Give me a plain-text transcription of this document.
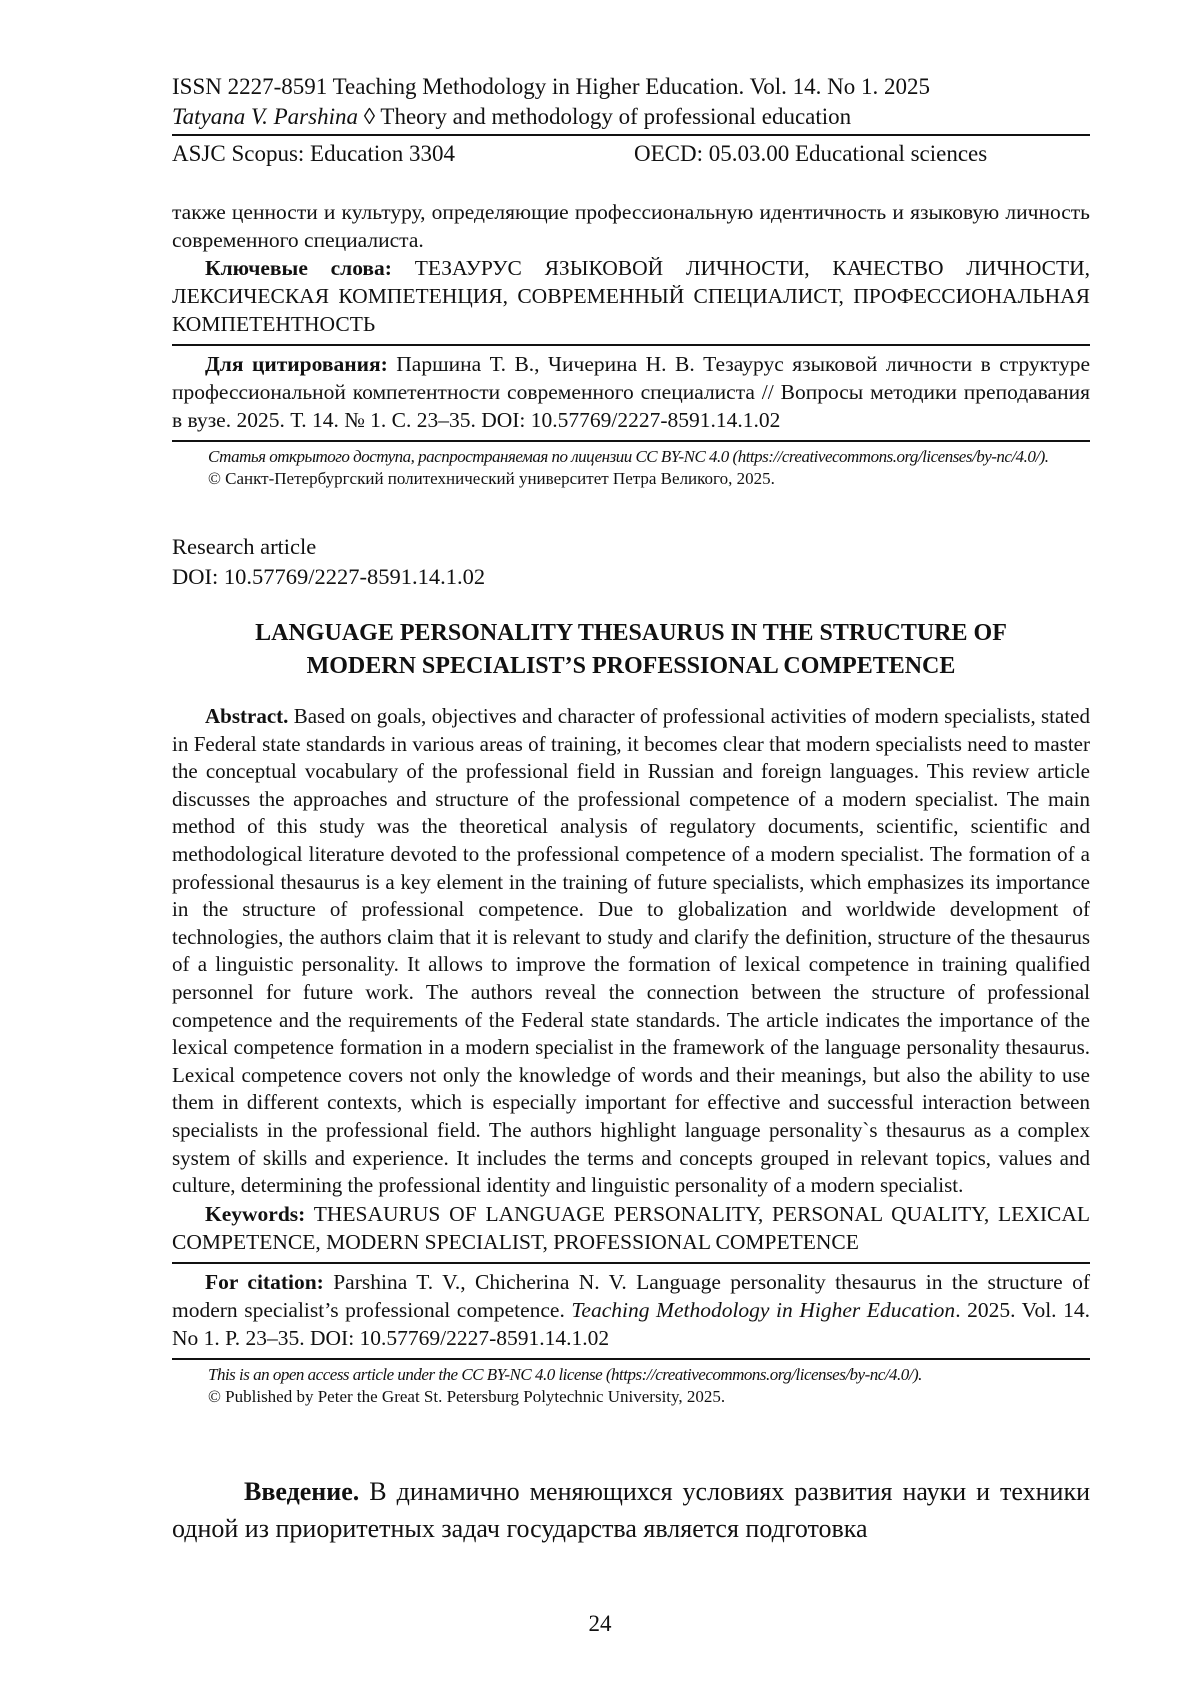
ISSN 2227-8591 Teaching Methodology in Higher Education. Vol. 14. No 1. 2025
Tatyana V. Parshina ◊ Theory and methodology of professional education
ASJC Scopus: Education 3304	OECD: 05.03.00 Educational sciences

также ценности и культуру, определяющие профессиональную идентичность и языковую личность современного специалиста.

Ключевые слова: ТЕЗАУРУС ЯЗЫКОВОЙ ЛИЧНОСТИ, КАЧЕСТВО ЛИЧНОСТИ, ЛЕКСИЧЕСКАЯ КОМПЕТЕНЦИЯ, СОВРЕМЕННЫЙ СПЕЦИАЛИСТ, ПРОФЕССИОНАЛЬНАЯ КОМПЕТЕНТНОСТЬ

Для цитирования: Паршина Т. В., Чичерина Н. В. Тезаурус языковой личности в структуре профессиональной компетентности современного специалиста // Вопросы методики преподавания в вузе. 2025. Т. 14. № 1. С. 23–35. DOI: 10.57769/2227-8591.14.1.02

Статья открытого доступа, распространяемая по лицензии CC BY-NC 4.0 (https://creativecommons.org/licenses/by-nc/4.0/).
© Санкт-Петербургский политехнический университет Петра Великого, 2025.
Research article
DOI: 10.57769/2227-8591.14.1.02
LANGUAGE PERSONALITY THESAURUS IN THE STRUCTURE OF
MODERN SPECIALIST’S PROFESSIONAL COMPETENCE

Abstract. Based on goals, objectives and character of professional activities of modern specialists, stated in Federal state standards in various areas of training, it becomes clear that modern specialists need to master the conceptual vocabulary of the professional field in Russian and foreign languages. This review article discusses the approaches and structure of the professional competence of a modern specialist. The main method of this study was the theoretical analysis of regulatory documents, scientific, scientific and methodological literature devoted to the professional competence of a modern specialist. The formation of a professional thesaurus is a key element in the training of future specialists, which emphasizes its importance in the structure of professional competence. Due to globalization and worldwide development of technologies, the authors claim that it is relevant to study and clarify the definition, structure of the thesaurus of a linguistic personality. It allows to improve the formation of lexical competence in training qualified personnel for future work. The authors reveal the connection between the structure of professional competence and the requirements of the Federal state standards. The article indicates the importance of the lexical competence formation in a modern specialist in the framework of the language personality thesaurus. Lexical competence covers not only the knowledge of words and their meanings, but also the ability to use them in different contexts, which is especially important for effective and successful interaction between specialists in the professional field. The authors highlight language personality`s thesaurus as a complex system of skills and experience. It includes the terms and concepts grouped in relevant topics, values and culture, determining the professional identity and linguistic personality of a modern specialist.

Keywords: THESAURUS OF LANGUAGE PERSONALITY, PERSONAL QUALITY, LEXICAL COMPETENCE, MODERN SPECIALIST, PROFESSIONAL COMPETENCE

For citation: Parshina T. V., Chicherina N. V. Language personality thesaurus in the structure of modern specialist’s professional competence. Teaching Methodology in Higher Education. 2025. Vol. 14. No 1. P. 23–35. DOI: 10.57769/2227-8591.14.1.02

This is an open access article under the CC BY-NC 4.0 license (https://creativecommons.org/licenses/by-nc/4.0/).
© Published by Peter the Great St. Petersburg Polytechnic University, 2025.

Введение. В динамично меняющихся условиях развития науки и техники одной из приоритетных задач государства является подготовка

24
